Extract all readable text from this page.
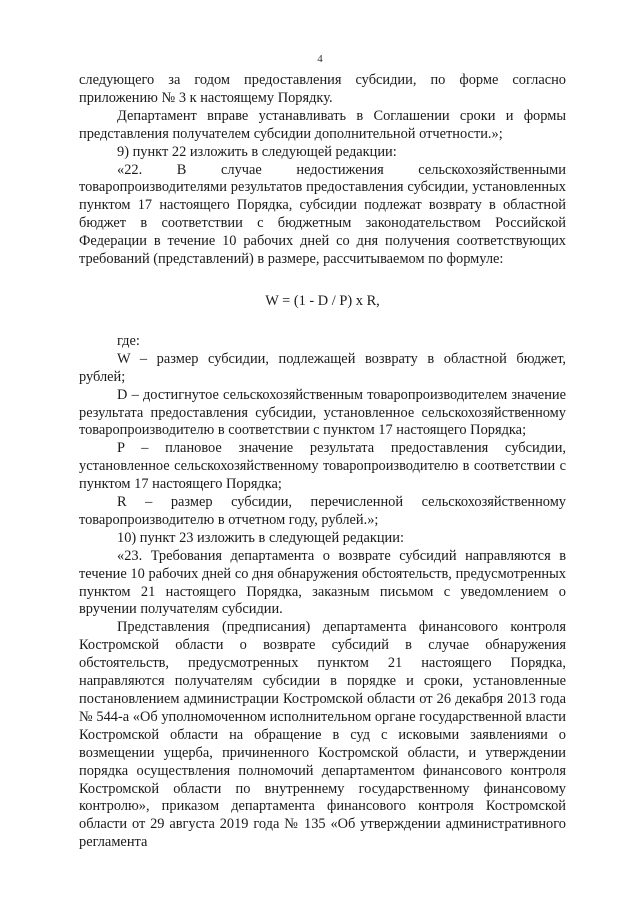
4

следующего за годом предоставления субсидии, по форме согласно приложению № 3 к настоящему Порядку.

Департамент вправе устанавливать в Соглашении сроки и формы представления получателем субсидии дополнительной отчетности.»;

9) пункт 22 изложить в следующей редакции:

«22. В случае недостижения сельскохозяйственными товаропроизводителями результатов предоставления субсидии, установленных пунктом 17 настоящего Порядка, субсидии подлежат возврату в областной бюджет в соответствии с бюджетным законодательством Российской Федерации в течение 10 рабочих дней со дня получения соответствующих требований (представлений) в размере, рассчитываемом по формуле:

W = (1 - D / P) x R,

где:

W – размер субсидии, подлежащей возврату в областной бюджет, рублей;

D – достигнутое сельскохозяйственным товаропроизводителем значение результата предоставления субсидии, установленное сельскохозяйственному товаропроизводителю в соответствии с пунктом 17 настоящего Порядка;

P – плановое значение результата предоставления субсидии, установленное сельскохозяйственному товаропроизводителю в соответствии с пунктом 17 настоящего Порядка;

R – размер субсидии, перечисленной сельскохозяйственному товаропроизводителю в отчетном году, рублей.»;

10) пункт 23 изложить в следующей редакции:

«23. Требования департамента о возврате субсидий направляются в течение 10 рабочих дней со дня обнаружения обстоятельств, предусмотренных пунктом 21 настоящего Порядка, заказным письмом с уведомлением о вручении получателям субсидии.

Представления (предписания) департамента финансового контроля Костромской области о возврате субсидий в случае обнаружения обстоятельств, предусмотренных пунктом 21 настоящего Порядка, направляются получателям субсидии в порядке и сроки, установленные постановлением администрации Костромской области от 26 декабря 2013 года № 544-а «Об уполномоченном исполнительном органе государственной власти Костромской области на обращение в суд с исковыми заявлениями о возмещении ущерба, причиненного Костромской области, и утверждении порядка осуществления полномочий департаментом финансового контроля Костромской области по внутреннему государственному финансовому контролю», приказом департамента финансового контроля Костромской области от 29 августа 2019 года № 135 «Об утверждении административного регламента
